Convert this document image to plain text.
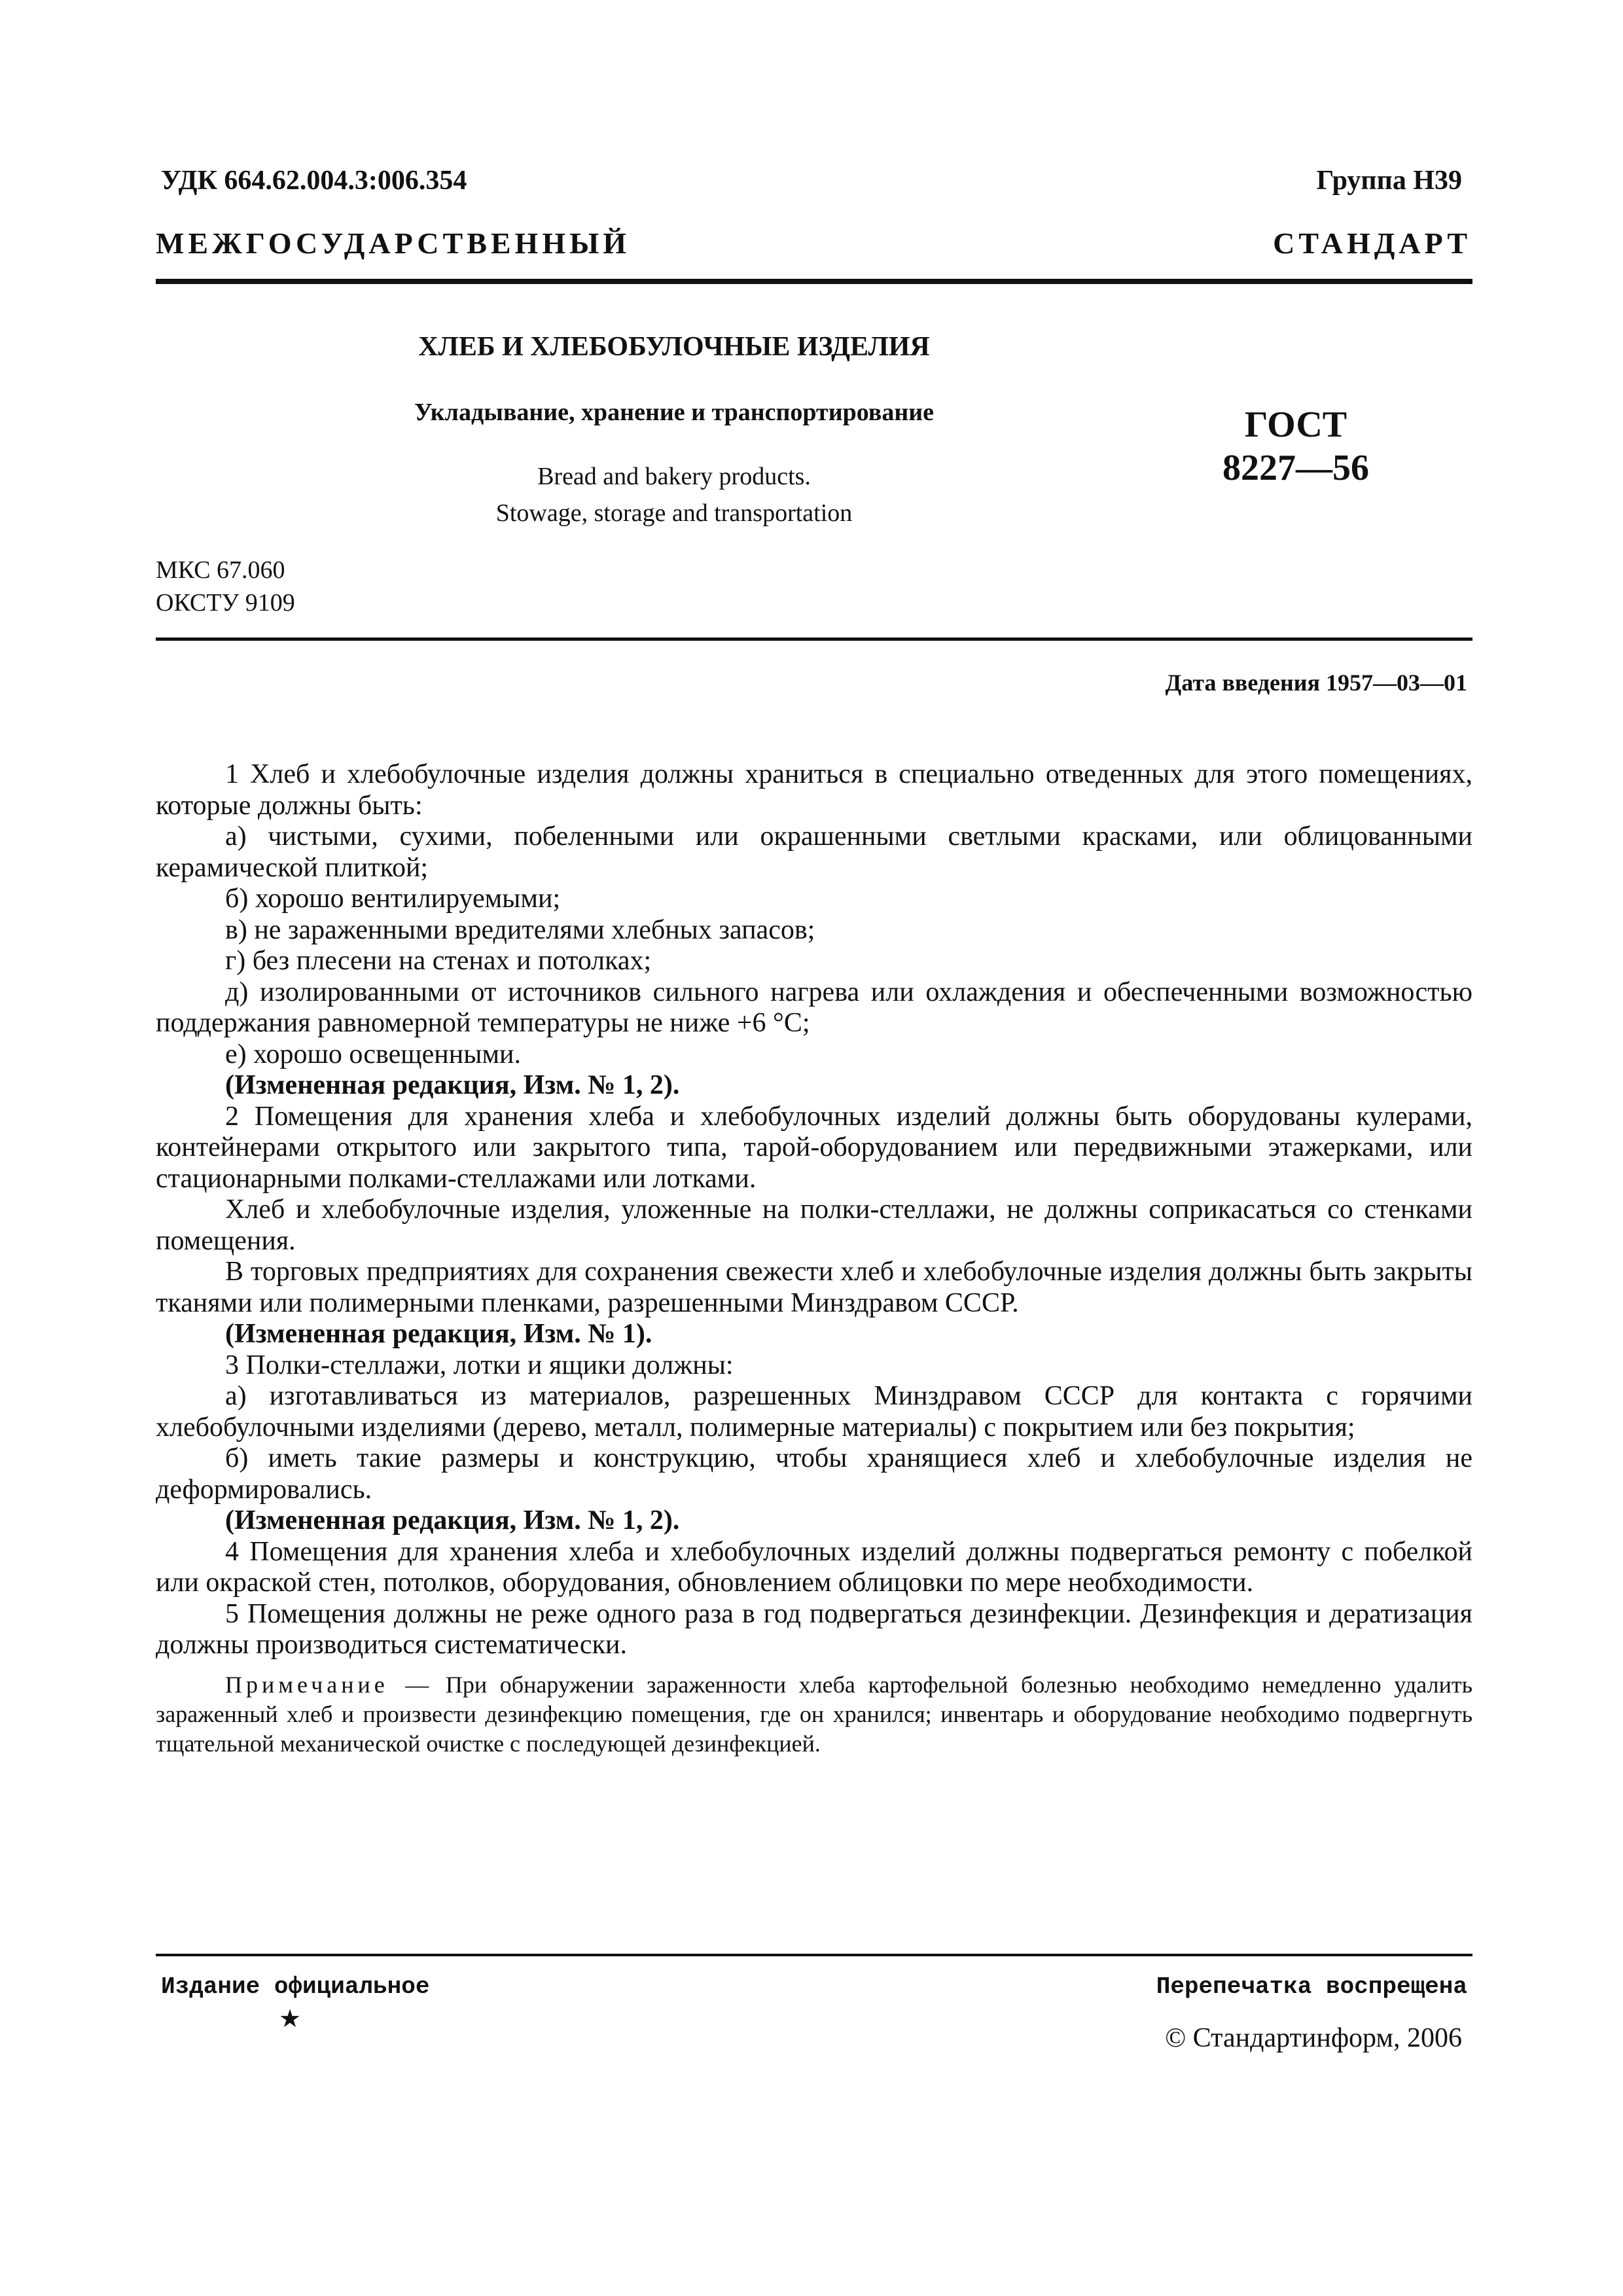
УДК 664.62.004.3:006.354	Группа Н39
МЕЖГОСУДАРСТВЕННЫЙ СТАНДАРТ
ХЛЕБ И ХЛЕБОБУЛОЧНЫЕ ИЗДЕЛИЯ
Укладывание, хранение и транспортирование
Bread and bakery products.
Stowage, storage and transportation
ГОСТ
8227—56
МКС 67.060
ОКСТУ 9109
Дата введения 1957—03—01

1 Хлеб и хлебобулочные изделия должны храниться в специально отведенных для этого помещениях, которые должны быть:

а) чистыми, сухими, побеленными или окрашенными светлыми красками, или облицованными керамической плиткой;

б) хорошо вентилируемыми;

в) не зараженными вредителями хлебных запасов;

г) без плесени на стенах и потолках;

д) изолированными от источников сильного нагрева или охлаждения и обеспеченными возможностью поддержания равномерной температуры не ниже +6 °С;

е) хорошо освещенными.

(Измененная редакция, Изм. № 1, 2).

2 Помещения для хранения хлеба и хлебобулочных изделий должны быть оборудованы кулерами, контейнерами открытого или закрытого типа, тарой-оборудованием или передвижными этажерками, или стационарными полками-стеллажами или лотками.

Хлеб и хлебобулочные изделия, уложенные на полки-стеллажи, не должны соприкасаться со стенками помещения.

В торговых предприятиях для сохранения свежести хлеб и хлебобулочные изделия должны быть закрыты тканями или полимерными пленками, разрешенными Минздравом СССР.

(Измененная редакция, Изм. № 1).

3 Полки-стеллажи, лотки и ящики должны:

а) изготавливаться из материалов, разрешенных Минздравом СССР для контакта с горячими хлебобулочными изделиями (дерево, металл, полимерные материалы) с покрытием или без покрытия;

б) иметь такие размеры и конструкцию, чтобы хранящиеся хлеб и хлебобулочные изделия не деформировались.

(Измененная редакция, Изм. № 1, 2).

4 Помещения для хранения хлеба и хлебобулочных изделий должны подвергаться ремонту с побелкой или окраской стен, потолков, оборудования, обновлением облицовки по мере необходимости.

5 Помещения должны не реже одного раза в год подвергаться дезинфекции. Дезинфекция и дератизация должны производиться систематически.

Примечание — При обнаружении зараженности хлеба картофельной болезнью необходимо немедленно удалить зараженный хлеб и произвести дезинфекцию помещения, где он хранился; инвентарь и оборудование необходимо подвергнуть тщательной механической очистке с последующей дезинфекцией.

Издание официальное
★
Перепечатка воспрещена
© Стандартинформ, 2006
